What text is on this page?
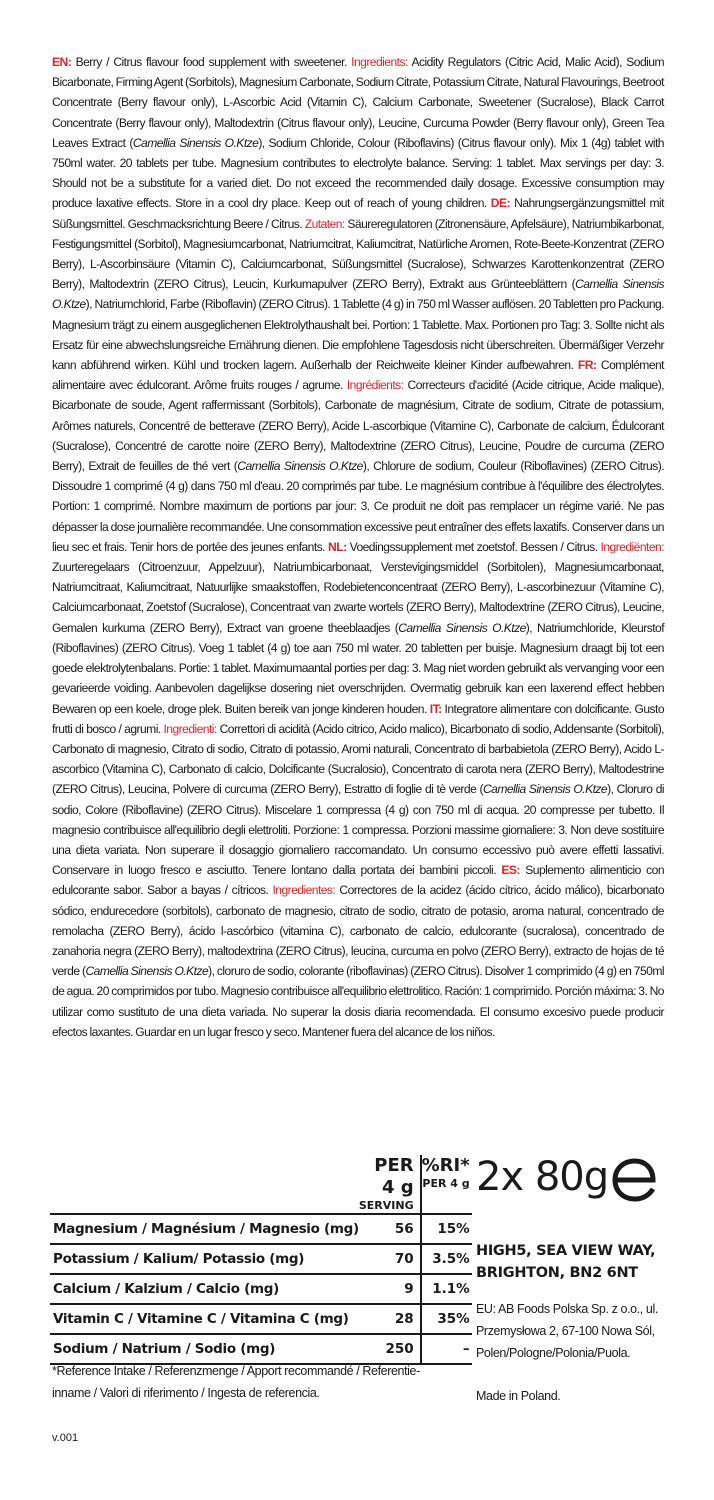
EN: Berry / Citrus flavour food supplement with sweetener. Ingredients: Acidity Regulators (Citric Acid, Malic Acid), Sodium Bicarbonate, Firming Agent (Sorbitols), Magnesium Carbonate, Sodium Citrate, Potassium Citrate, Natural Flavourings, Beetroot Concentrate (Berry flavour only), L-Ascorbic Acid (Vitamin C), Calcium Carbonate, Sweetener (Sucralose), Black Carrot Concentrate (Berry flavour only), Maltodextrin (Citrus flavour only), Leucine, Curcuma Powder (Berry flavour only), Green Tea Leaves Extract (Camellia Sinensis O.Ktze), Sodium Chloride, Colour (Riboflavins) (Citrus flavour only). Mix 1 (4g) tablet with 750ml water. 20 tablets per tube. Magnesium contributes to electrolyte balance. Serving: 1 tablet. Max servings per day: 3. Should not be a substitute for a varied diet. Do not exceed the recommended daily dosage. Excessive consumption may produce laxative effects. Store in a cool dry place. Keep out of reach of young children. DE: Nahrungsergänzungsmittel mit Süßungsmittel. Geschmacksrichtung Beere / Citrus. Zutaten: Säureregulatoren (Zitronensäure, Apfelsäure), Natriumbikarbonat, Festigungsmittel (Sorbitol), Magnesiumcarbonat, Natriumcitrat, Kaliumcitrat, Natürliche Aromen, Rote-Beete-Konzentrat (ZERO Berry), L-Ascorbinsäure (Vitamin C), Calciumcarbonat, Süßungsmittel (Sucralose), Schwarzes Karottenkonzentrat (ZERO Berry), Maltodextrin (ZERO Citrus), Leucin, Kurkumapulver (ZERO Berry), Extrakt aus Grünteeblättern (Camellia Sinensis O.Ktze), Natriumchlorid, Farbe (Riboflavin) (ZERO Citrus). 1 Tablette (4 g) in 750 ml Wasser auflösen. 20 Tabletten pro Packung. Magnesium trägt zu einem ausgeglichenen Elektrolythaushalt bei. Portion: 1 Tablette. Max. Portionen pro Tag: 3. Sollte nicht als Ersatz für eine abwechslungsreiche Ernährung dienen. Die empfohlene Tagesdosis nicht überschreiten. Übermäßiger Verzehr kann abführend wirken. Kühl und trocken lagern. Außerhalb der Reichweite kleiner Kinder aufbewahren. FR: Complément alimentaire avec édulcorant. Arôme fruits rouges / agrume. Ingrédients: Correcteurs d'acidité (Acide citrique, Acide malique), Bicarbonate de soude, Agent raffermissant (Sorbitols), Carbonate de magnésium, Citrate de sodium, Citrate de potassium, Arômes naturels, Concentré de betterave (ZERO Berry), Acide L-ascorbique (Vitamine C), Carbonate de calcium, Édulcorant (Sucralose), Concentré de carotte noire (ZERO Berry), Maltodextrine (ZERO Citrus), Leucine, Poudre de curcuma (ZERO Berry), Extrait de feuilles de thé vert (Camellia Sinensis O.Ktze), Chlorure de sodium, Couleur (Riboflavines) (ZERO Citrus). Dissoudre 1 comprimé (4 g) dans 750 ml d'eau. 20 comprimés par tube. Le magnésium contribue à l'équilibre des électrolytes. Portion: 1 comprimé. Nombre maximum de portions par jour: 3. Ce produit ne doit pas remplacer un régime varié. Ne pas dépasser la dose journalière recommandée. Une consommation excessive peut entraîner des effets laxatifs. Conserver dans un lieu sec et frais. Tenir hors de portée des jeunes enfants. NL: Voedingssupplement met zoetstof. Bessen / Citrus. Ingrediënten: Zuurteregelaars (Citroenzuur, Appelzuur), Natriumbicarbonaat, Verstevigingsmiddel (Sorbitolen), Magnesiumcarbonaat, Natriumcitraat, Kaliumcitraat, Natuurlijke smaakstoffen, Rodebietenconcentraat (ZERO Berry), L-ascorbinezuur (Vitamine C), Calciumcarbonaat, Zoetstof (Sucralose), Concentraat van zwarte wortels (ZERO Berry), Maltodextrine (ZERO Citrus), Leucine, Gemalen kurkuma (ZERO Berry), Extract van groene theeblaadjes (Camellia Sinensis O.Ktze), Natriumchloride, Kleurstof (Riboflavines) (ZERO Citrus). Voeg 1 tablet (4 g) toe aan 750 ml water. 20 tabletten per buisje. Magnesium draagt bij tot een goede elektrolytenbalans. Portie: 1 tablet. Maximumaantal porties per dag: 3. Mag niet worden gebruikt als vervanging voor een gevarieerde voiding. Aanbevolen dagelijkse dosering niet overschrijden. Overmatig gebruik kan een laxerend effect hebben Bewaren op een koele, droge plek. Buiten bereik van jonge kinderen houden. IT: Integratore alimentare con dolcificante. Gusto frutti di bosco / agrumi. Ingredienti: Correttori di acidità (Acido citrico, Acido malico), Bicarbonato di sodio, Addensante (Sorbitoli), Carbonato di magnesio, Citrato di sodio, Citrato di potassio, Aromi naturali, Concentrato di barbabietola (ZERO Berry), Acido L-ascorbico (Vitamina C), Carbonato di calcio, Dolcificante (Sucralosio), Concentrato di carota nera (ZERO Berry), Maltodestrine (ZERO Citrus), Leucina, Polvere di curcuma (ZERO Berry), Estratto di foglie di tè verde (Camellia Sinensis O.Ktze), Cloruro di sodio, Colore (Riboflavine) (ZERO Citrus). Miscelare 1 compressa (4 g) con 750 ml di acqua. 20 compresse per tubetto. Il magnesio contribuisce all'equilibrio degli elettroliti. Porzione: 1 compressa. Porzioni massime giornaliere: 3. Non deve sostituire una dieta variata. Non superare il dosaggio giornaliero raccomandato. Un consumo eccessivo può avere effetti lassativi. Conservare in luogo fresco e asciutto. Tenere lontano dalla portata dei bambini piccoli. ES: Suplemento alimenticio con edulcorante sabor. Sabor a bayas / cítricos. Ingredientes: Correctores de la acidez (ácido cítrico, ácido málico), bicarbonato sódico, endurecedore (sorbitols), carbonato de magnesio, citrato de sodio, citrato de potasio, aroma natural, concentrado de remolacha (ZERO Berry), ácido l-ascórbico (vitamina C), carbonato de calcio, edulcorante (sucralosa), concentrado de zanahoria negra (ZERO Berry), maltodextrina (ZERO Citrus), leucina, curcuma en polvo (ZERO Berry), extracto de hojas de té verde (Camellia Sinensis O.Ktze), cloruro de sodio, colorante (riboflavinas) (ZERO Citrus). Disolver 1 comprimido (4 g) en 750ml de agua. 20 comprimidos por tubo. Magnesio contribuisce all'equilibrio elettrolitico. Ración: 1 comprimido. Porción máxima: 3. No utilizar como sustituto de una dieta variada. No superar la dosis diaria recomendada. El consumo excesivo puede producir efectos laxantes. Guardar en un lugar fresco y seco. Mantener fuera del alcance de los niños.

	PER 4 g
SERVING	%RI*
PER 4 g

Magnesium / Magnésium / Magnesio (mg)	56	15%
Potassium / Kalium/ Potassio (mg)	70	3.5%
Calcium / Kalzium / Calcio (mg)	9	1.1%
Vitamin C / Vitamine C / Vitamina C (mg)	28	35%
Sodium / Natrium / Sodio (mg)	250	–
*Reference Intake / Referenzmenge / Apport recommandé / Referentie-inname / Valori di riferimento / Ingesta de referencia.
v.001
2x 80g
HIGH5, SEA VIEW WAY,
BRIGHTON, BN2 6NT
EU: AB Foods Polska Sp. z o.o., ul. Przemysłowa 2, 67-100 Nowa Sól, Polen/Pologne/Polonia/Puola.
Made in Poland.
